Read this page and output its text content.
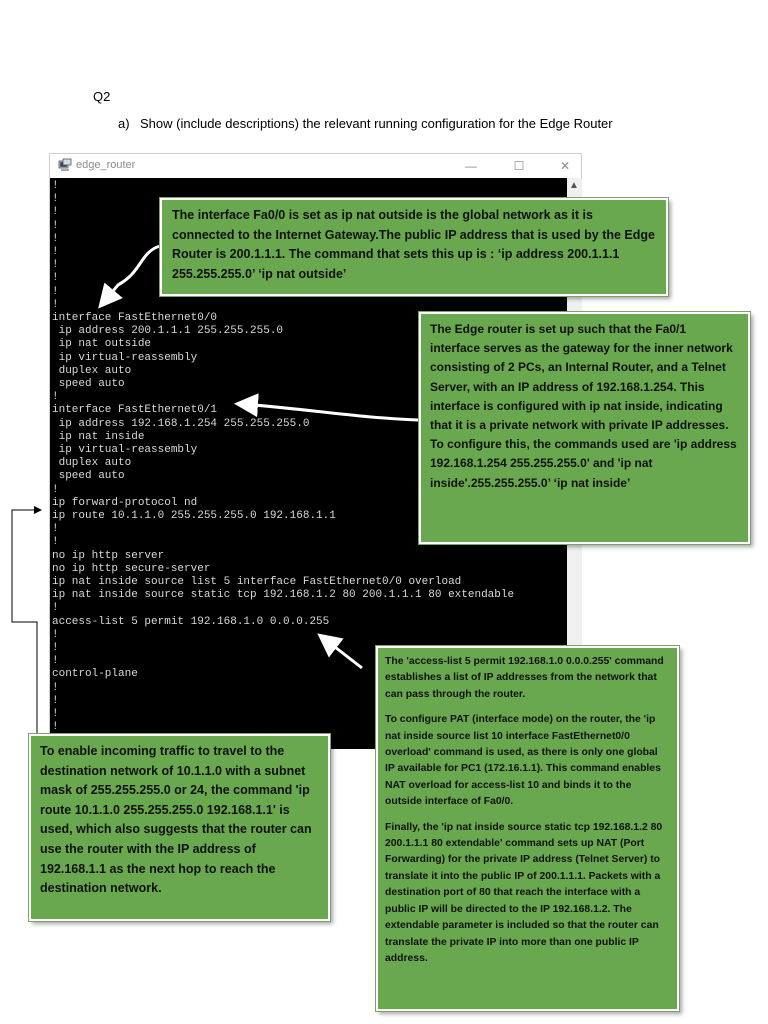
Q2
a) Show (include descriptions) the relevant running configuration for the Edge Router
edge_router	—	☐	✕
!
!
!
!
!
!
!
!
!
!
interface FastEthernet0/0
ip address 200.1.1.1 255.255.255.0
ip nat outside
ip virtual-reassembly
duplex auto
speed auto
!
interface FastEthernet0/1
ip address 192.168.1.254 255.255.255.0
ip nat inside
ip virtual-reassembly
duplex auto
speed auto
!
ip forward-protocol nd
ip route 10.1.1.0 255.255.255.0 192.168.1.1
!
!
no ip http server
no ip http secure-server
ip nat inside source list 5 interface FastEthernet0/0 overload
ip nat inside source static tcp 192.168.1.2 80 200.1.1.1 80 extendable
!
access-list 5 permit 192.168.1.0 0.0.0.255
!
!
!
control-plane
!
!
!
!
▲
The interface Fa0/0 is set as ip nat outside is the global network as it is connected to the Internet Gateway.The public IP address that is used by the Edge Router is 200.1.1.1. The command that sets this up is : ‘ip address 200.1.1.1 255.255.255.0’ ‘ip nat outside’
The Edge router is set up such that the Fa0/1 interface serves as the gateway for the inner network consisting of 2 PCs, an Internal Router, and a Telnet Server, with an IP address of 192.168.1.254. This interface is configured with ip nat inside, indicating that it is a private network with private IP addresses. To configure this, the commands used are 'ip address 192.168.1.254 255.255.255.0' and 'ip nat inside'.255.255.255.0’ ‘ip nat inside’
To enable incoming traffic to travel to the destination network of 10.1.1.0 with a subnet mask of 255.255.255.0 or 24, the command 'ip route 10.1.1.0 255.255.255.0 192.168.1.1' is used, which also suggests that the router can use the router with the IP address of 192.168.1.1 as the next hop to reach the destination network.

The 'access-list 5 permit 192.168.1.0 0.0.0.255' command establishes a list of IP addresses from the network that can pass through the router.

To configure PAT (interface mode) on the router, the 'ip nat inside source list 10 interface FastEthernet0/0 overload' command is used, as there is only one global IP available for PC1 (172.16.1.1). This command enables NAT overload for access-list 10 and binds it to the outside interface of Fa0/0.

Finally, the 'ip nat inside source static tcp 192.168.1.2 80 200.1.1.1 80 extendable' command sets up NAT (Port Forwarding) for the private IP address (Telnet Server) to translate it into the public IP of 200.1.1.1. Packets with a destination port of 80 that reach the interface with a public IP will be directed to the IP 192.168.1.2. The extendable parameter is included so that the router can translate the private IP into more than one public IP address.
